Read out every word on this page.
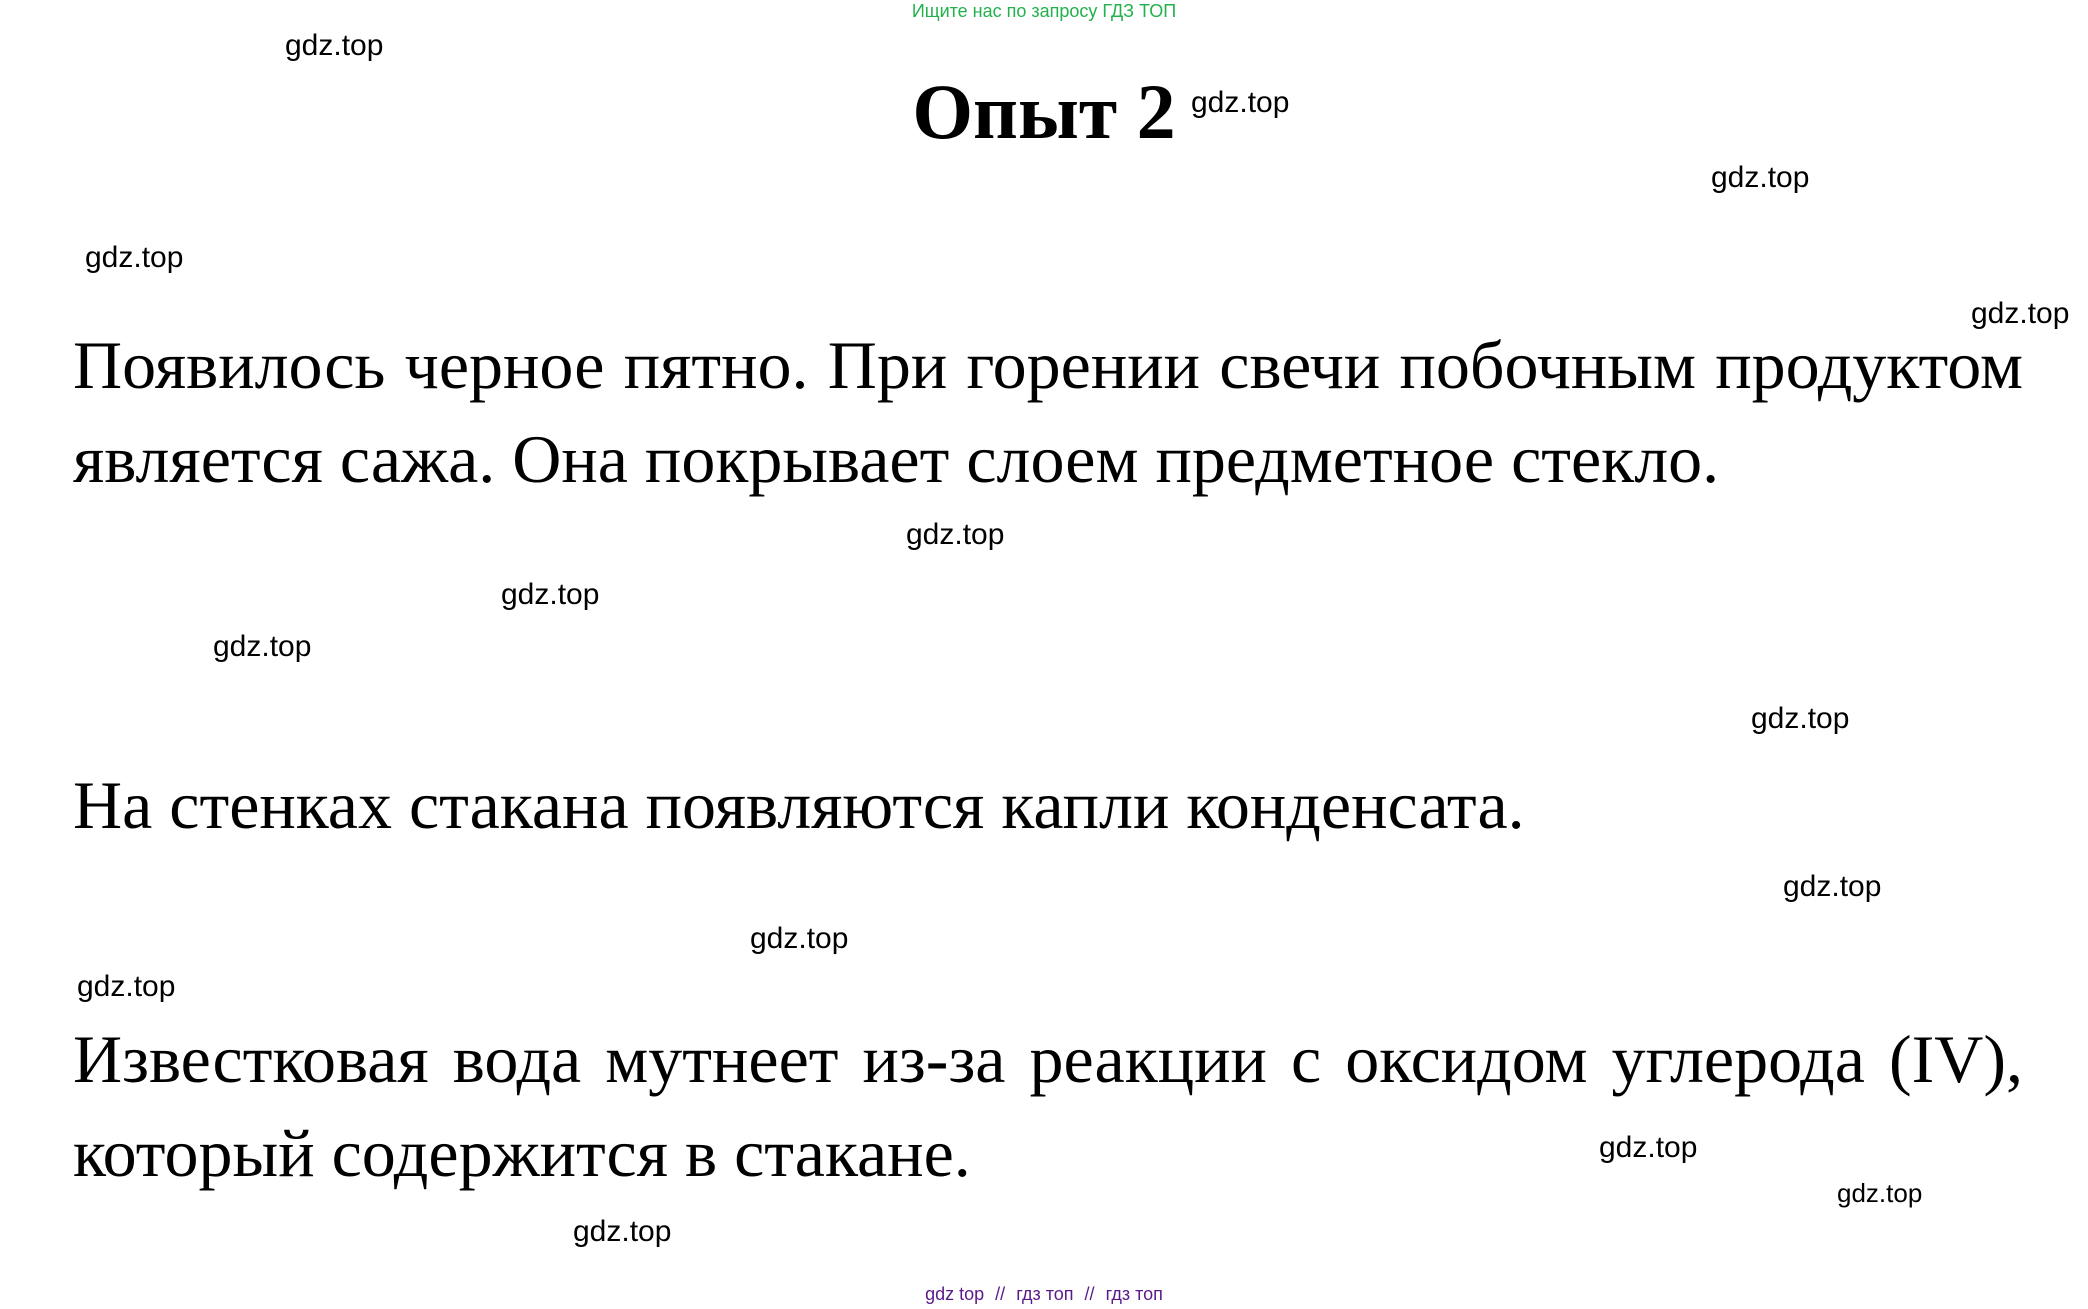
Ищите нас по запросу ГДЗ ТОП
Опыт 2

Появилось черное пятно. При горении свечи побочным продуктом является сажа. Она покрывает слоем предметное стекло.

На стенках стакана появляются капли конденсата.

Известковая вода мутнеет из-за реакции с оксидом углерода (IV), который содержится в стакане.

gdz.top
gdz.top
gdz.top
gdz.top
gdz.top
gdz.top
gdz.top
gdz.top
gdz.top
gdz.top
gdz.top
gdz.top
gdz.top
gdz.top
gdz.top
gdz top // гдз топ // гдз топ
